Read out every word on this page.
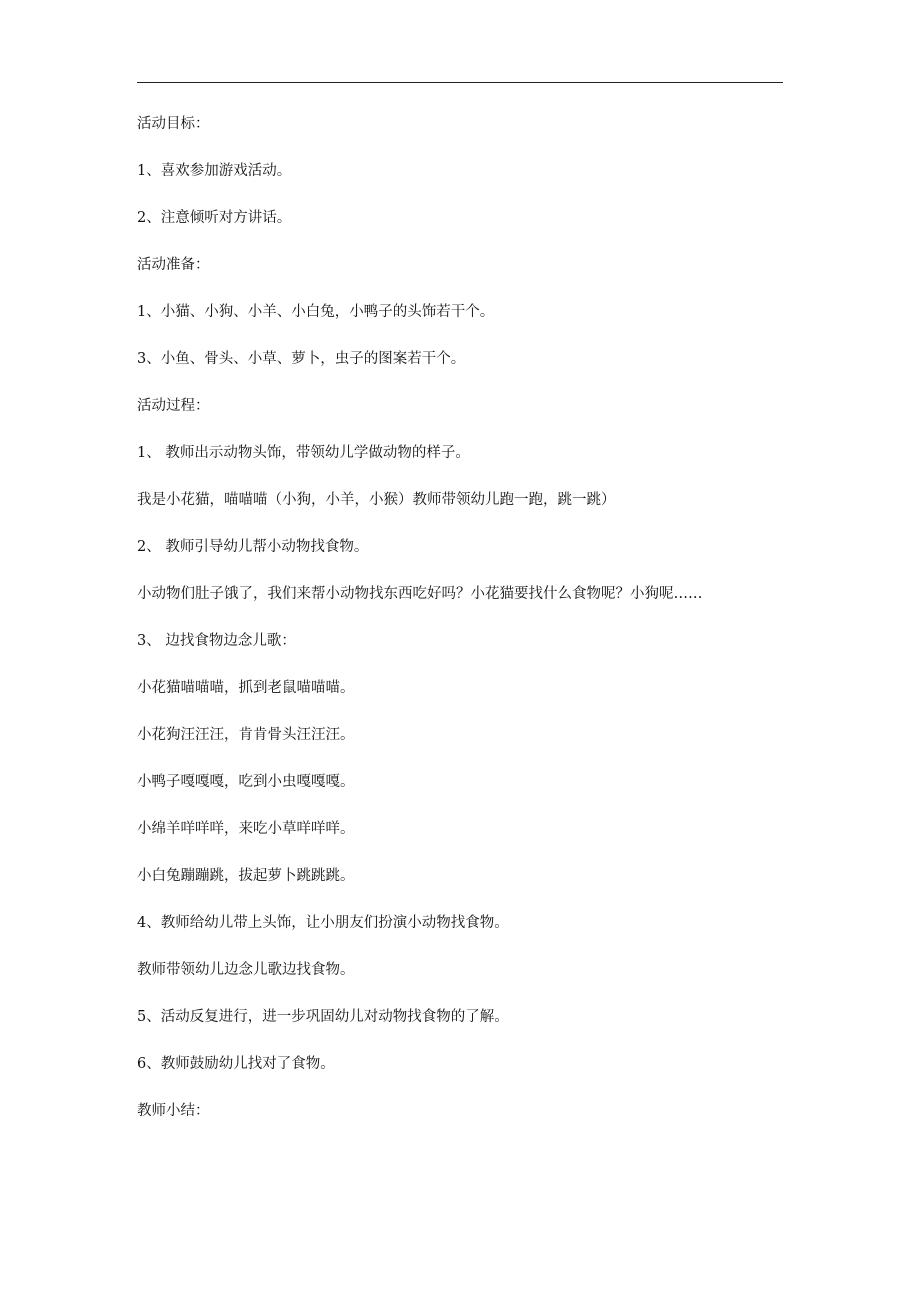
活动目标：
1、喜欢参加游戏活动。
2、注意倾听对方讲话。
活动准备：
1、小猫、小狗、小羊、小白兔，小鸭子的头饰若干个。
3、小鱼、骨头、小草、萝卜，虫子的图案若干个。
活动过程：
1、 教师出示动物头饰，带领幼儿学做动物的样子。
我是小花猫，喵喵喵（小狗，小羊，小猴）教师带领幼儿跑一跑，跳一跳）
2、 教师引导幼儿帮小动物找食物。
小动物们肚子饿了，我们来帮小动物找东西吃好吗？小花猫要找什么食物呢？小狗呢……
3、 边找食物边念儿歌：
小花猫喵喵喵，抓到老鼠喵喵喵。
小花狗汪汪汪，肯肯骨头汪汪汪。
小鸭子嘎嘎嘎，吃到小虫嘎嘎嘎。
小绵羊咩咩咩，来吃小草咩咩咩。
小白兔蹦蹦跳，拔起萝卜跳跳跳。
4、教师给幼儿带上头饰，让小朋友们扮演小动物找食物。
教师带领幼儿边念儿歌边找食物。
5、活动反复进行，进一步巩固幼儿对动物找食物的了解。
6、教师鼓励幼儿找对了食物。
教师小结：
